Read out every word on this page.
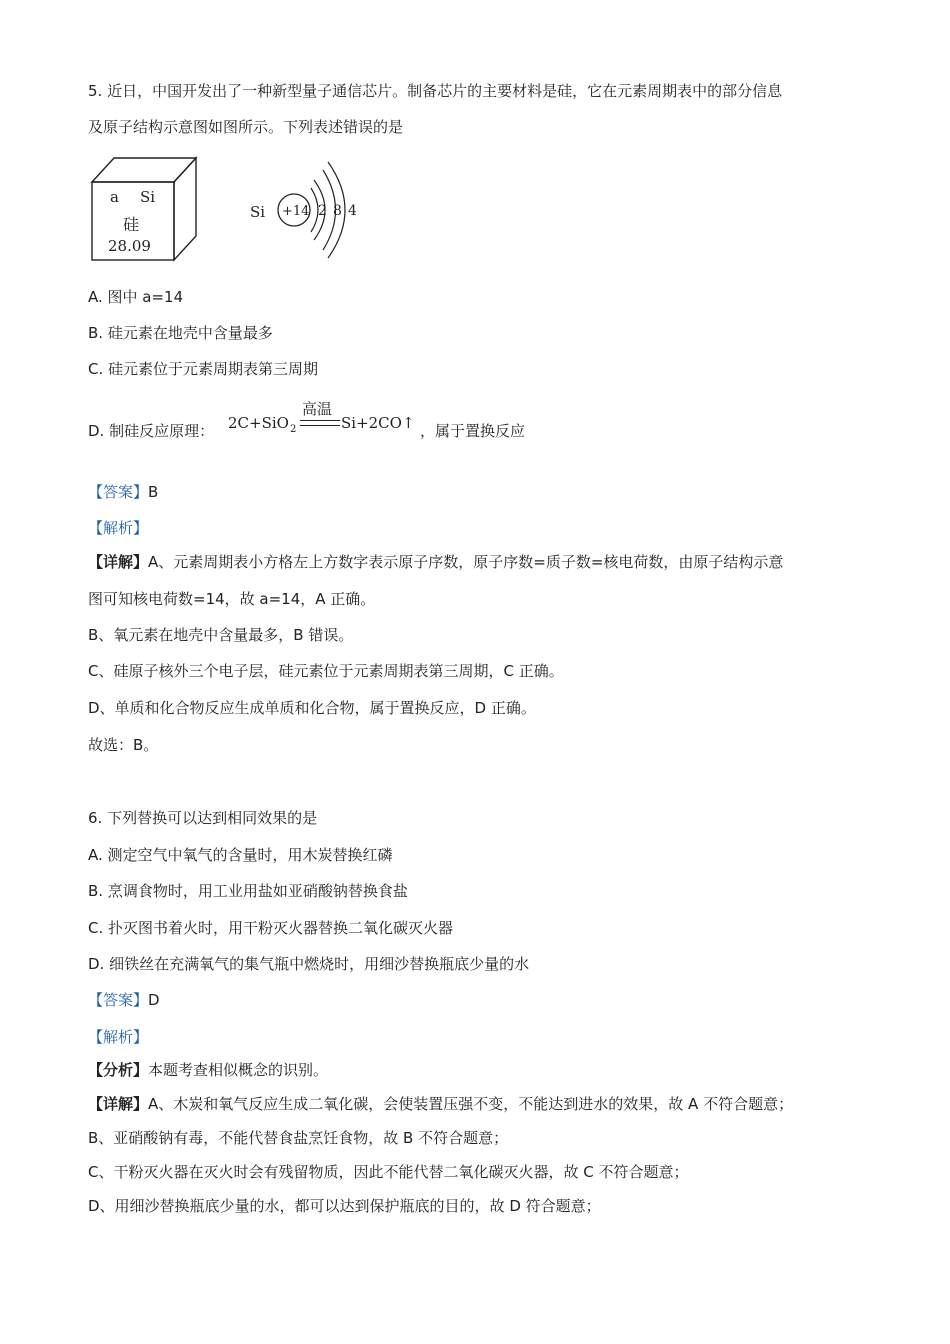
5. 近日，中国开发出了一种新型量子通信芯片。制备芯片的主要材料是硅，它在元素周期表中的部分信息
及原子结构示意图如图所示。下列表述错误的是
a Si
硅
28.09
Si +14 2 8 4
A. 图中 a=14
B. 硅元素在地壳中含量最多
C. 硅元素位于元素周期表第三周期
D. 制硅反应原理： 2C+SiO 2
高温
Si+2CO↑ ，属于置换反应
【答案】B
【解析】
【详解】A、元素周期表小方格左上方数字表示原子序数，原子序数=质子数=核电荷数，由原子结构示意
图可知核电荷数=14，故 a=14，A 正确。
B、氧元素在地壳中含量最多，B 错误。
C、硅原子核外三个电子层，硅元素位于元素周期表第三周期，C 正确。
D、单质和化合物反应生成单质和化合物，属于置换反应，D 正确。
故选：B。
6. 下列替换可以达到相同效果的是
A. 测定空气中氧气的含量时，用木炭替换红磷
B. 烹调食物时，用工业用盐如亚硝酸钠替换食盐
C. 扑灭图书着火时，用干粉灭火器替换二氧化碳灭火器
D. 细铁丝在充满氧气的集气瓶中燃烧时，用细沙替换瓶底少量的水
【答案】D
【解析】
【分析】本题考查相似概念的识别。
【详解】A、木炭和氧气反应生成二氧化碳，会使装置压强不变，不能达到进水的效果，故 A 不符合题意；
B、亚硝酸钠有毒，不能代替食盐烹饪食物，故 B 不符合题意；
C、干粉灭火器在灭火时会有残留物质，因此不能代替二氧化碳灭火器，故 C 不符合题意；
D、用细沙替换瓶底少量的水，都可以达到保护瓶底的目的，故 D 符合题意；
